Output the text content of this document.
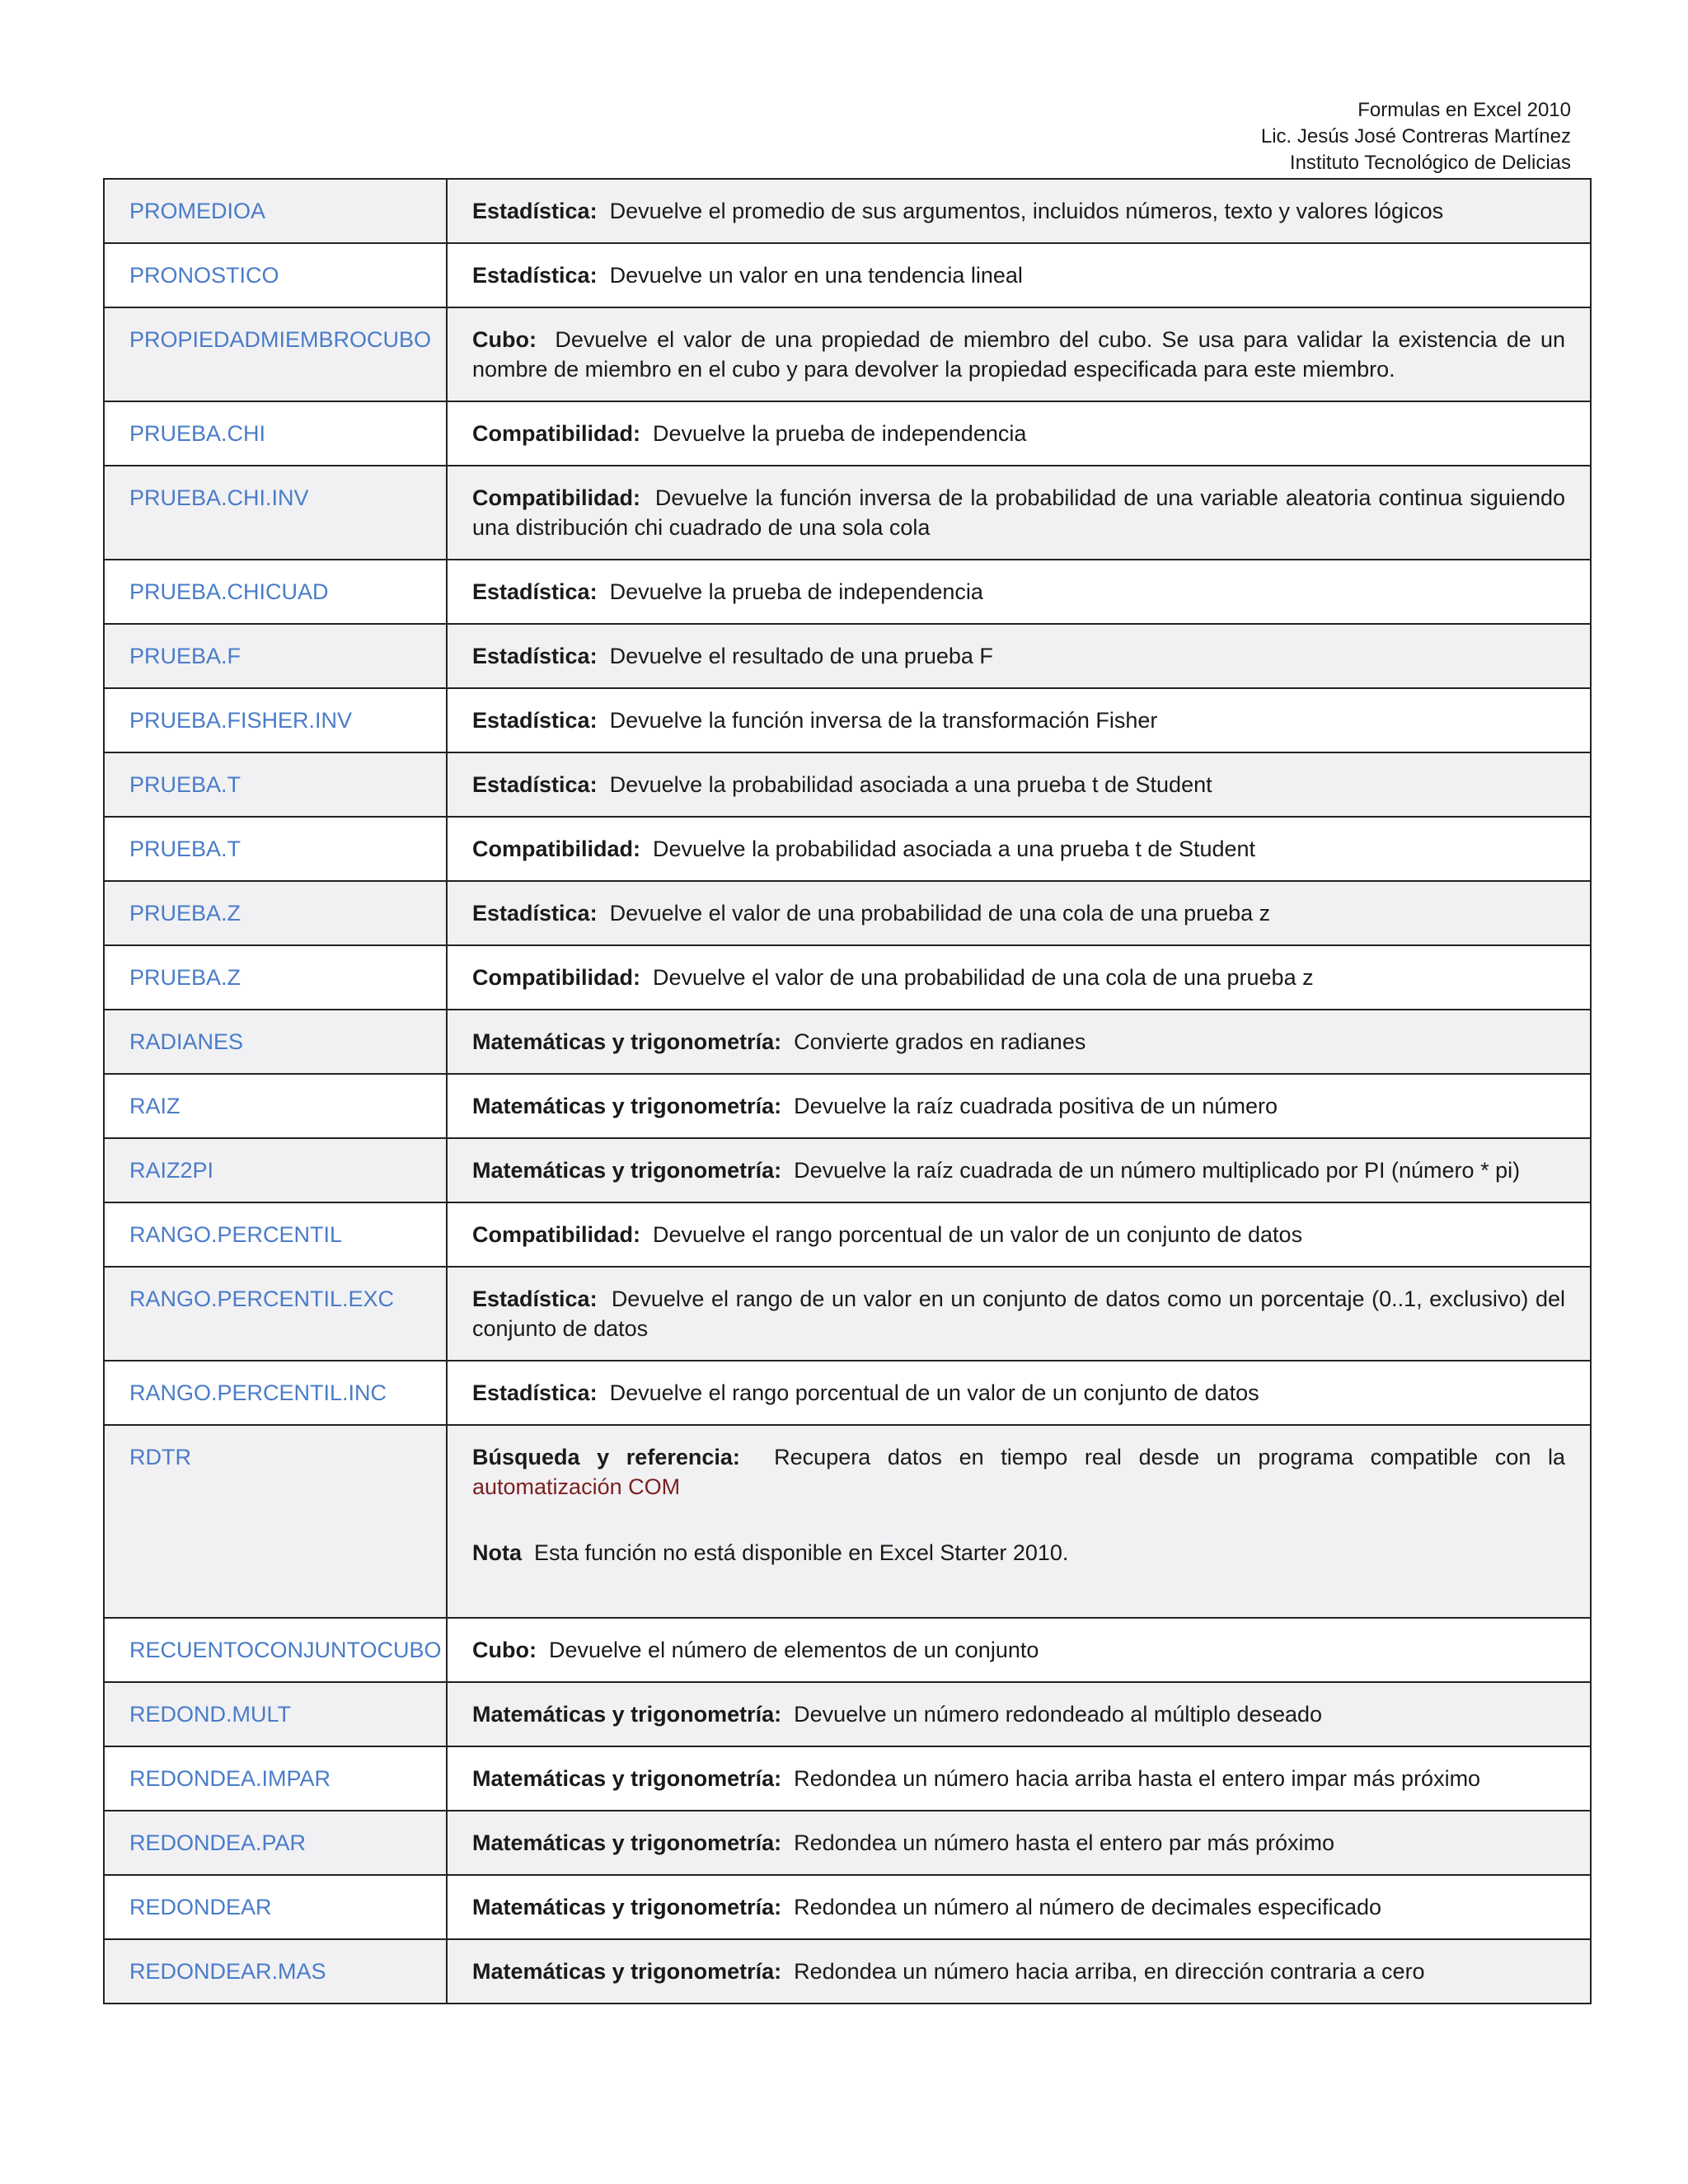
Formulas en Excel 2010
Lic. Jesús José Contreras Martínez
Instituto Tecnológico de Delicias
PROMEDIOA	Estadística: Devuelve el promedio de sus argumentos, incluidos números, texto y valores lógicos

PRONOSTICO	Estadística: Devuelve un valor en una tendencia lineal

PROPIEDADMIEMBROCUBO	Cubo: Devuelve el valor de una propiedad de miembro del cubo. Se usa para validar la existencia de un nombre de miembro en el cubo y para devolver la propiedad especificada para este miembro.

PRUEBA.CHI	Compatibilidad: Devuelve la prueba de independencia

PRUEBA.CHI.INV	Compatibilidad: Devuelve la función inversa de la probabilidad de una variable aleatoria continua siguiendo una distribución chi cuadrado de una sola cola

PRUEBA.CHICUAD	Estadística: Devuelve la prueba de independencia

PRUEBA.F	Estadística: Devuelve el resultado de una prueba F

PRUEBA.FISHER.INV	Estadística: Devuelve la función inversa de la transformación Fisher

PRUEBA.T	Estadística: Devuelve la probabilidad asociada a una prueba t de Student

PRUEBA.T	Compatibilidad: Devuelve la probabilidad asociada a una prueba t de Student

PRUEBA.Z	Estadística: Devuelve el valor de una probabilidad de una cola de una prueba z

PRUEBA.Z	Compatibilidad: Devuelve el valor de una probabilidad de una cola de una prueba z

RADIANES	Matemáticas y trigonometría: Convierte grados en radianes

RAIZ	Matemáticas y trigonometría: Devuelve la raíz cuadrada positiva de un número

RAIZ2PI	Matemáticas y trigonometría: Devuelve la raíz cuadrada de un número multiplicado por PI (número * pi)

RANGO.PERCENTIL	Compatibilidad: Devuelve el rango porcentual de un valor de un conjunto de datos

RANGO.PERCENTIL.EXC	Estadística: Devuelve el rango de un valor en un conjunto de datos como un porcentaje (0..1, exclusivo) del conjunto de datos

RANGO.PERCENTIL.INC	Estadística: Devuelve el rango porcentual de un valor de un conjunto de datos

RDTR	Búsqueda y referencia: Recupera datos en tiempo real desde un programa compatible con la automatización COM
Nota Esta función no está disponible en Excel Starter 2010.

RECUENTOCONJUNTOCUBO	Cubo: Devuelve el número de elementos de un conjunto

REDOND.MULT	Matemáticas y trigonometría: Devuelve un número redondeado al múltiplo deseado

REDONDEA.IMPAR	Matemáticas y trigonometría: Redondea un número hacia arriba hasta el entero impar más próximo

REDONDEA.PAR	Matemáticas y trigonometría: Redondea un número hasta el entero par más próximo

REDONDEAR	Matemáticas y trigonometría: Redondea un número al número de decimales especificado

REDONDEAR.MAS	Matemáticas y trigonometría: Redondea un número hacia arriba, en dirección contraria a cero
